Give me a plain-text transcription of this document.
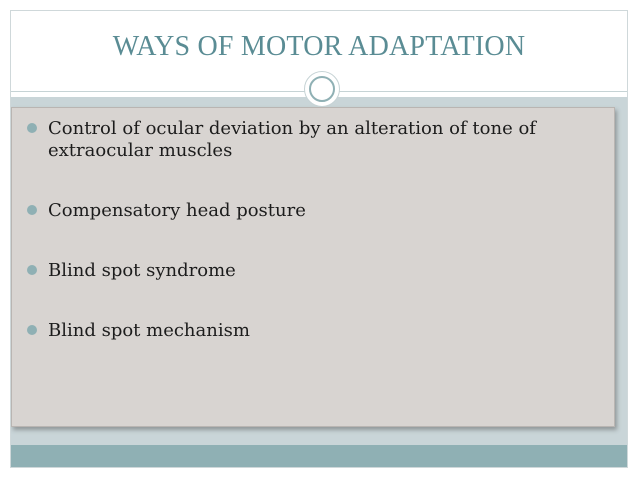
WAYS OF MOTOR ADAPTATION
Control of ocular deviation by an alteration of tone of extraocular muscles
Compensatory head posture
Blind spot syndrome
Blind spot mechanism
